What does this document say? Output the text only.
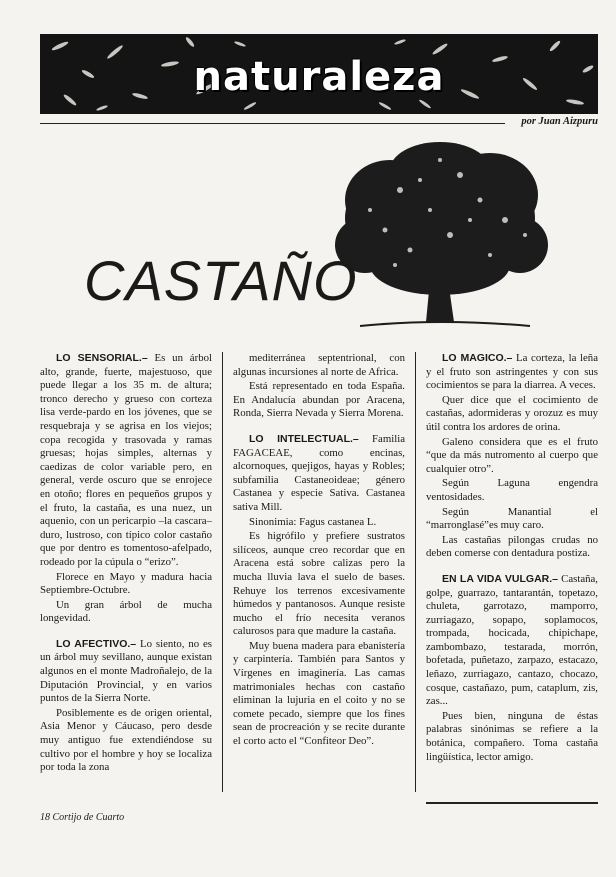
naturaleza
por Juan Aizpuru
CASTAÑO

LO SENSORIAL.– Es un árbol alto, grande, fuerte, majestuoso, que puede llegar a los 35 m. de altura; tronco derecho y grueso con corteza lisa verde-pardo en los jóvenes, que se resquebraja y se agrisa en los viejos; copa recogida y trasovada y ramas gruesas; hojas simples, alternas y caedizas de color variable pero, en general, verde oscuro que se enrojece en otoño; flores en pequeños grupos y el fruto, la castaña, es una nuez, un aquenio, con un pericarpio –la cascara– duro, lustroso, con típico color castaño que por dentro es tomentoso-afelpado, rodeado por la cúpula o “erizo”.

Florece en Mayo y madura hacia Septiembre-Octubre.

Un gran árbol de mucha longevidad.

LO AFECTIVO.– Lo siento, no es un árbol muy sevillano, aunque existan algunos en el monte Madroñalejo, de la Diputación Provincial, y en varios puntos de la Sierra Norte.

Posiblemente es de origen oriental, Asia Menor y Cáucaso, pero desde muy antiguo fue extendiéndose su cultivo por el hombre y hoy se localiza por toda la zona

mediterránea septentrional, con algunas incursiones al norte de Africa.

Está representado en toda España. En Andalucía abundan por Aracena, Ronda, Sierra Nevada y Sierra Morena.

LO INTELECTUAL.– Familia FAGACEAE, como encinas, alcornoques, quejigos, hayas y Robles; subfamilia Castaneoideae; género Castanea y especie Sativa. Castanea sativa Mill.

Sinonimia: Fagus castanea L.

Es higrófilo y prefiere sustratos silíceos, aunque creo recordar que en Aracena está sobre calizas pero la mucha lluvia lava el suelo de bases. Rehuye los terrenos excesivamente húmedos y pantanosos. Aunque resiste mucho el frío necesita veranos calurosos para que madure la castaña.

Muy buena madera para ebanistería y carpintería. También para Santos y Vírgenes en imaginería. Las camas matrimoniales hechas con castaño eliminan la lujuria en el coito y no se comete pecado, siempre que los fines sean de procreación y se recite durante el corto acto el “Confiteor Deo”.

LO MAGICO.– La corteza, la leña y el fruto son astringentes y con sus cocimientos se para la diarrea. A veces.

Quer dice que el cocimiento de castañas, adormideras y orozuz es muy útil contra los ardores de orina.

Galeno considera que es el fruto “que da más nutromento al cuerpo que cualquier otro”.

Según Laguna engendra ventosidades.

Según Manantial el “marronglasé”es muy caro.

Las castañas pilongas crudas no deben comerse con dentadura postiza.

EN LA VIDA VULGAR.– Castaña, golpe, guarrazo, tantarantán, topetazo, chuleta, garrotazo, mamporro, zurriagazo, sopapo, soplamocos, trompada, hocicada, chipichape, zambombazo, testarada, morrón, bofetada, puñetazo, zarpazo, estacazo, leñazo, zurriagazo, cantazo, chocazo, cosque, castañazo, pum, cataplum, zis, zas...

Pues bien, ninguna de éstas palabras sinónimas se refiere a la botánica, compañero. Toma castaña lingüística, lector amigo.

18 Cortijo de Cuarto
